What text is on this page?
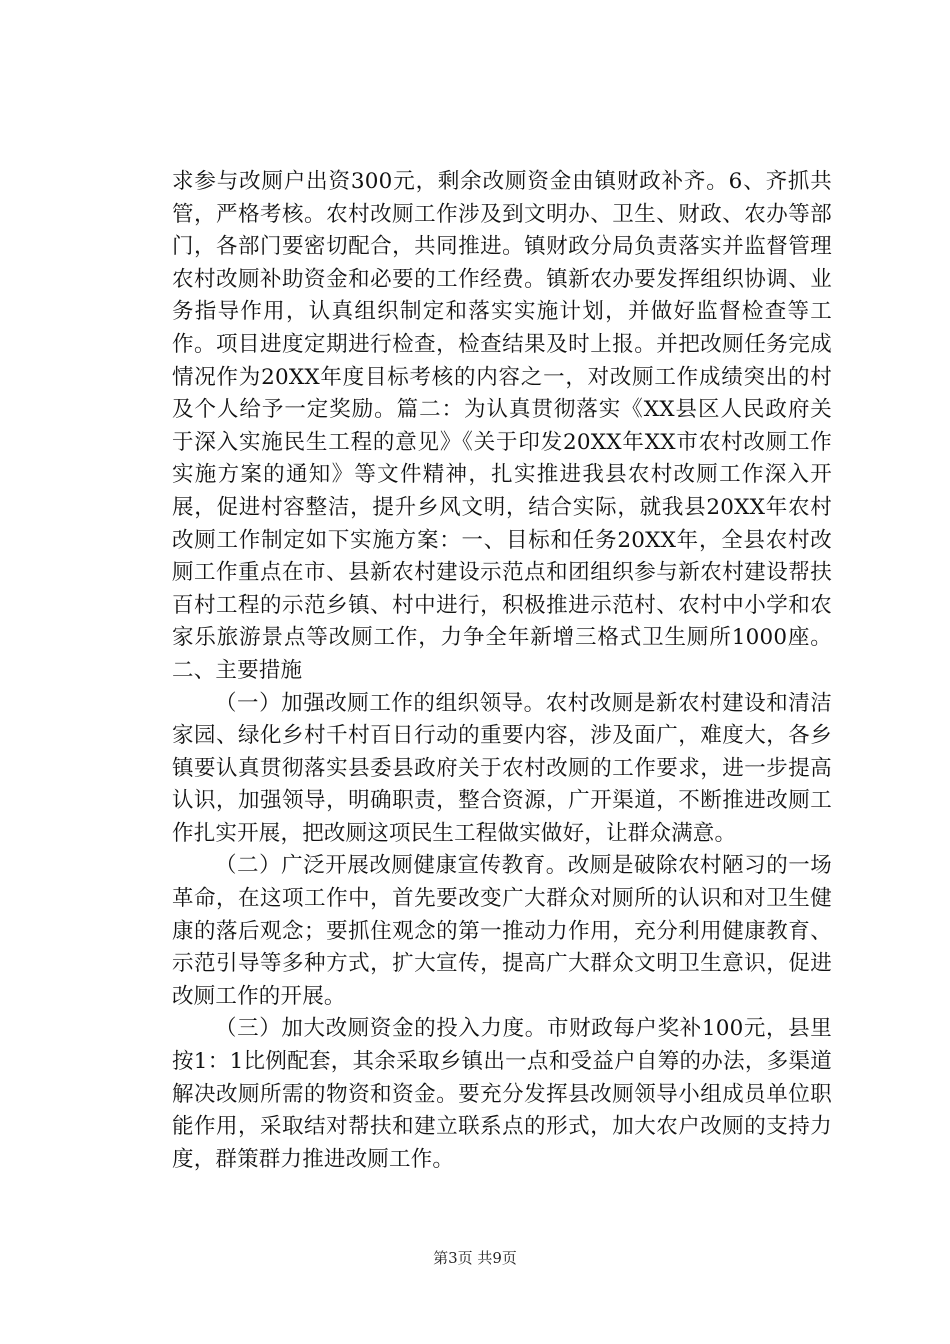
求参与改厕户出资300元，剩余改厕资金由镇财政补齐。6、齐抓共管，严格考核。农村改厕工作涉及到文明办、卫生、财政、农办等部门，各部门要密切配合，共同推进。镇财政分局负责落实并监督管理农村改厕补助资金和必要的工作经费。镇新农办要发挥组织协调、业务指导作用，认真组织制定和落实实施计划，并做好监督检查等工作。项目进度定期进行检查，检查结果及时上报。并把改厕任务完成情况作为20XX年度目标考核的内容之一，对改厕工作成绩突出的村及个人给予一定奖励。篇二：为认真贯彻落实《XX县区人民政府关于深入实施民生工程的意见》《关于印发20XX年XX市农村改厕工作实施方案的通知》等文件精神，扎实推进我县农村改厕工作深入开展，促进村容整洁，提升乡风文明，结合实际，就我县20XX年农村改厕工作制定如下实施方案：一、目标和任务20XX年，全县农村改厕工作重点在市、县新农村建设示范点和团组织参与新农村建设帮扶百村工程的示范乡镇、村中进行，积极推进示范村、农村中小学和农家乐旅游景点等改厕工作，力争全年新增三格式卫生厕所1000座。二、主要措施

（一）加强改厕工作的组织领导。农村改厕是新农村建设和清洁家园、绿化乡村千村百日行动的重要内容，涉及面广，难度大，各乡镇要认真贯彻落实县委县政府关于农村改厕的工作要求，进一步提高认识，加强领导，明确职责，整合资源，广开渠道，不断推进改厕工作扎实开展，把改厕这项民生工程做实做好，让群众满意。

（二）广泛开展改厕健康宣传教育。改厕是破除农村陋习的一场革命，在这项工作中，首先要改变广大群众对厕所的认识和对卫生健康的落后观念；要抓住观念的第一推动力作用，充分利用健康教育、示范引导等多种方式，扩大宣传，提高广大群众文明卫生意识，促进改厕工作的开展。

（三）加大改厕资金的投入力度。市财政每户奖补100元，县里按1：1比例配套，其余采取乡镇出一点和受益户自筹的办法，多渠道解决改厕所需的物资和资金。要充分发挥县改厕领导小组成员单位职能作用，采取结对帮扶和建立联系点的形式，加大农户改厕的支持力度，群策群力推进改厕工作。

第3页 共9页
